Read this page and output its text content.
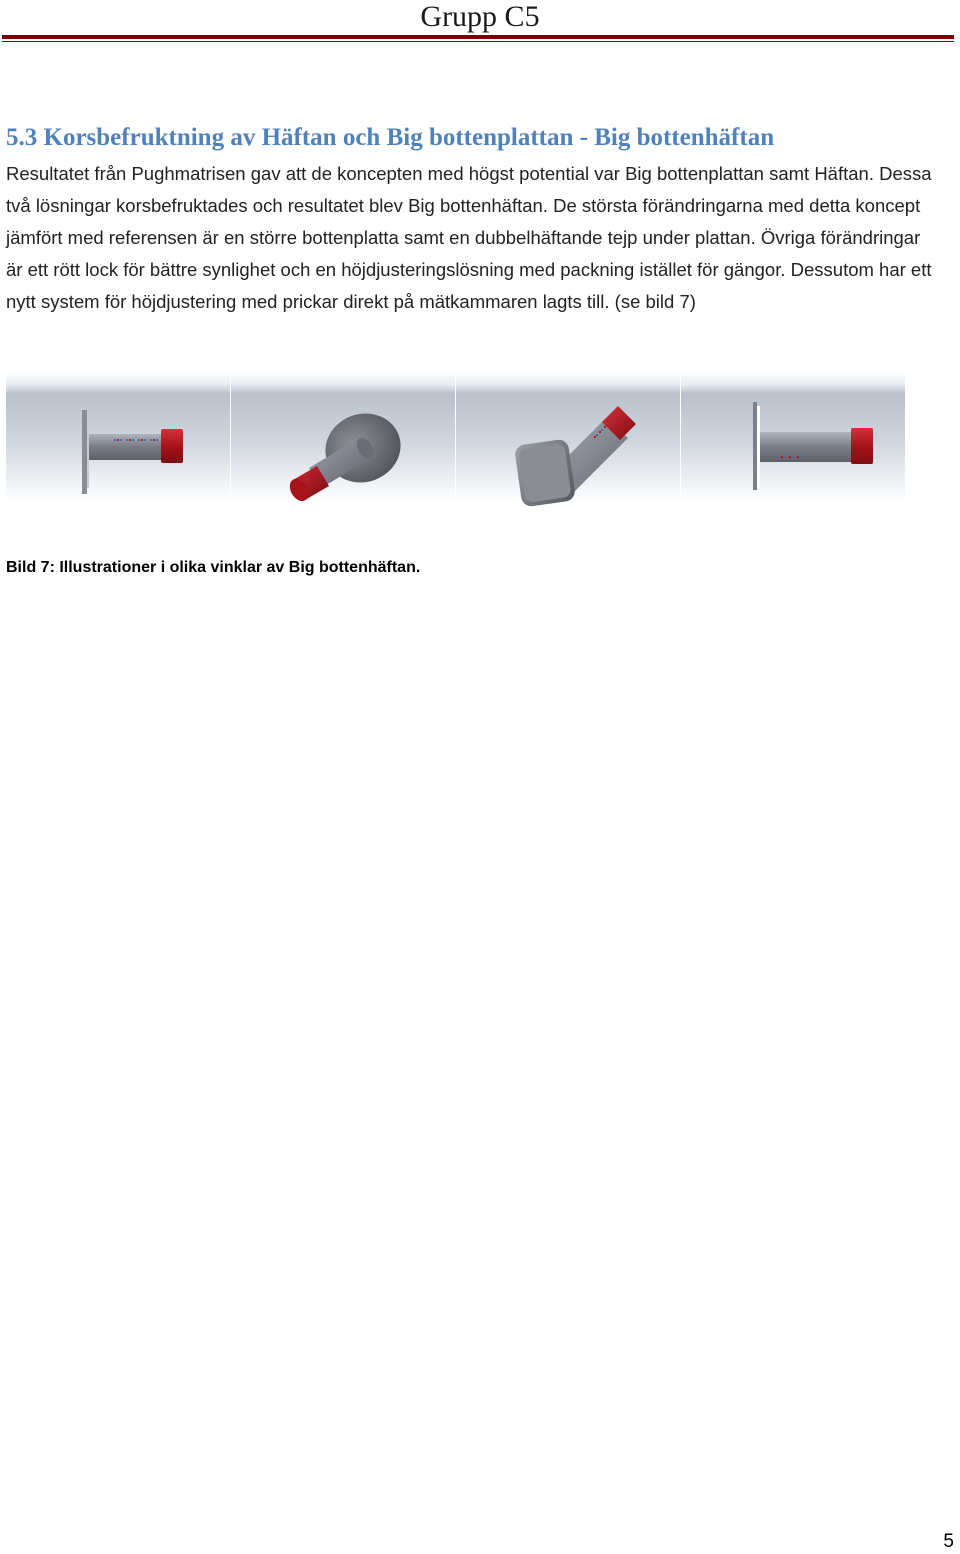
Grupp C5
5.3 Korsbefruktning av Häftan och Big bottenplattan - Big bottenhäftan
Resultatet från Pughmatrisen gav att de koncepten med högst potential var Big bottenplattan samt Häftan. Dessa två lösningar korsbefruktades och resultatet blev Big bottenhäftan. De största förändringarna med detta koncept jämfört med referensen är en större bottenplatta samt en dubbelhäftande tejp under plattan. Övriga förändringar är ett rött lock för bättre synlighet och en höjdjusteringslösning med packning istället för gängor. Dessutom har ett nytt system för höjdjustering med prickar direkt på mätkammaren lagts till. (se bild 7)
Bild 7: Illustrationer i olika vinklar av Big bottenhäftan.
5
